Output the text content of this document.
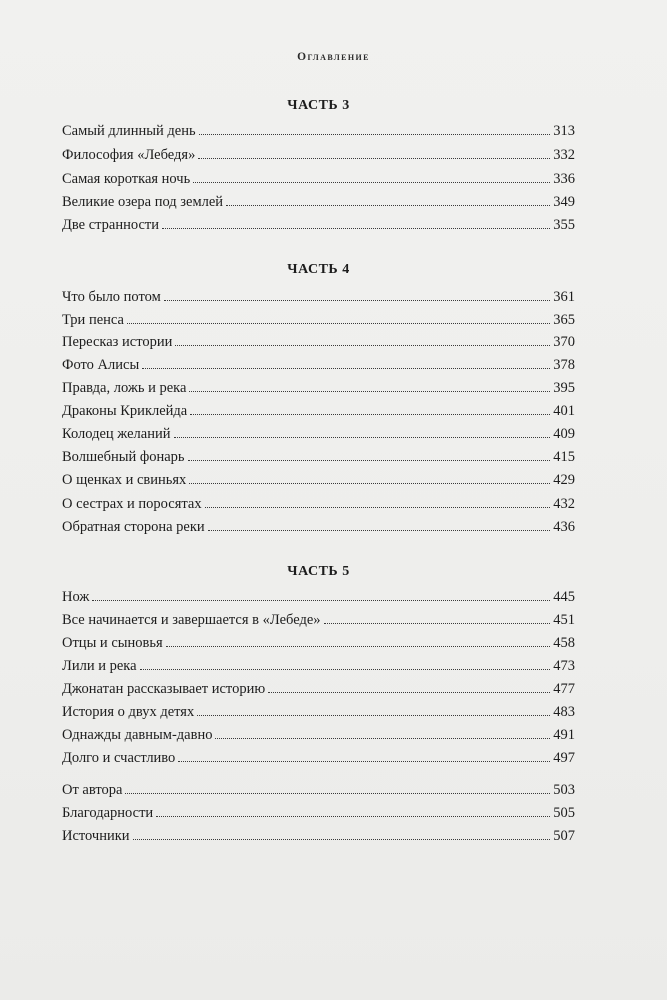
Оглавление
ЧАСТЬ 3
Самый длинный день	313
Философия «Лебедя»	332
Самая короткая ночь	336
Великие озера под землей	349
Две странности	355
ЧАСТЬ 4
Что было потом	361
Три пенса	365
Пересказ истории	370
Фото Алисы	378
Правда, ложь и река	395
Драконы Криклейда	401
Колодец желаний	409
Волшебный фонарь	415
О щенках и свиньях	429
О сестрах и поросятах	432
Обратная сторона реки	436
ЧАСТЬ 5
Нож	445
Все начинается и завершается в «Лебеде»	451
Отцы и сыновья	458
Лили и река	473
Джонатан рассказывает историю	477
История о двух детях	483
Однажды давным-давно	491
Долго и счастливо	497
От автора	503
Благодарности	505
Источники	507
